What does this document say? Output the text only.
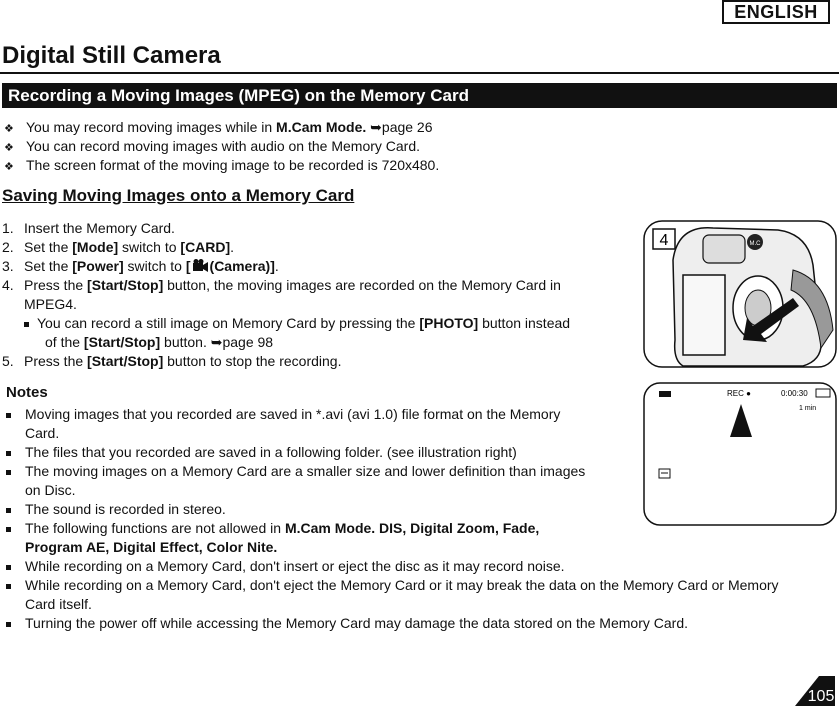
ENGLISH
Digital Still Camera
Recording a Moving Images (MPEG) on the Memory Card
❖ You may record moving images while in M.Cam Mode. ➥page 26
❖ You can record moving images with audio on the Memory Card.
❖ The screen format of the moving image to be recorded is 720x480.
Saving Moving Images onto a Memory Card
1. Insert the Memory Card.
2. Set the [Mode] switch to [CARD].
3. Set the [Power] switch to [ (Camera)].
4. Press the [Start/Stop] button, the moving images are recorded on the Memory Card in
MPEG4.
You can record a still image on Memory Card by pressing the [PHOTO] button instead
of the [Start/Stop] button. ➥page 98
5. Press the [Start/Stop] button to stop the recording.
Notes
Moving images that you recorded are saved in *.avi (avi 1.0) file format on the Memory
Card.
The files that you recorded are saved in a following folder. (see illustration right)
The moving images on a Memory Card are a smaller size and lower definition than images
on Disc.
The sound is recorded in stereo.
The following functions are not allowed in M.Cam Mode. DIS, Digital Zoom, Fade,
Program AE, Digital Effect, Color Nite.
While recording on a Memory Card, don't insert or eject the disc as it may record noise.
While recording on a Memory Card, don't eject the Memory Card or it may break the data on the Memory Card or Memory
Card itself.
Turning the power off while accessing the Memory Card may damage the data stored on the Memory Card.
4	M.C
REC ●	0:00:30
1 min
105
